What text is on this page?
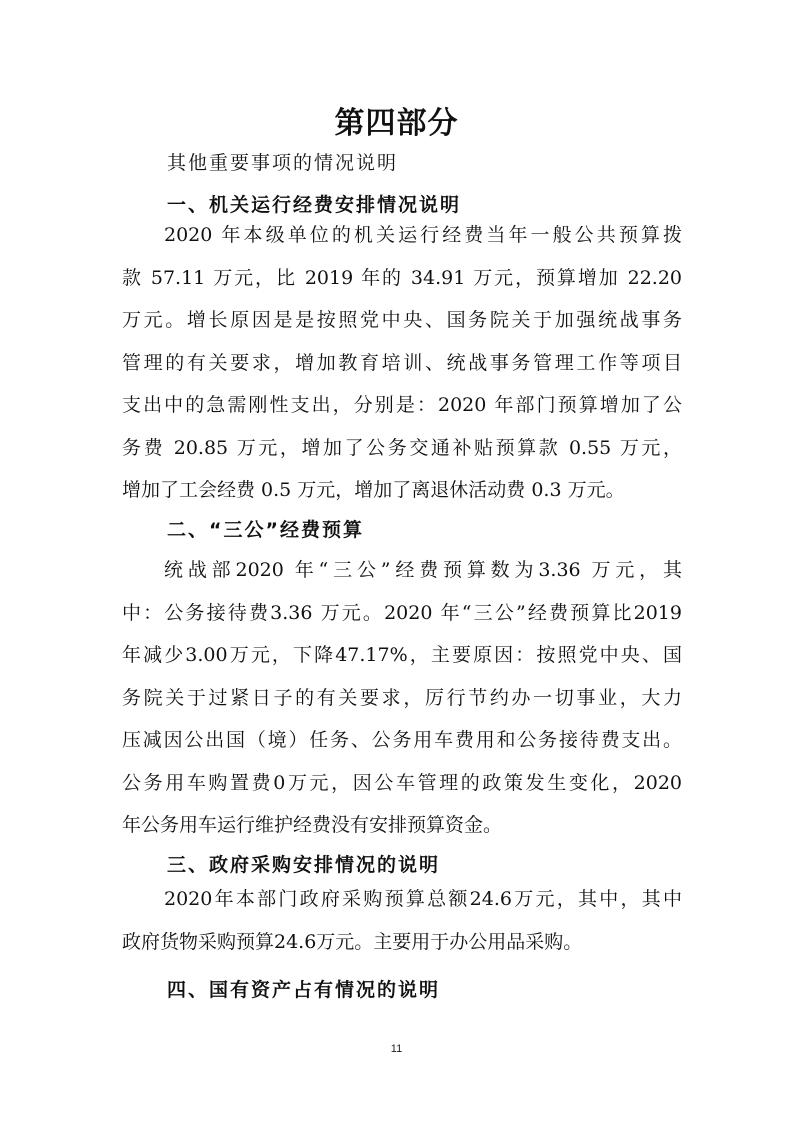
第四部分
其他重要事项的情况说明
一、机关运行经费安排情况说明
2020 年本级单位的机关运行经费当年一般公共预算拨
款 57.11 万元，比 2019 年的 34.91 万元，预算增加 22.20
万元。增长原因是是按照党中央、国务院关于加强统战事务
管理的有关要求，增加教育培训、统战事务管理工作等项目
支出中的急需刚性支出，分别是：2020 年部门预算增加了公
务费 20.85 万元，增加了公务交通补贴预算款 0.55 万元，
增加了工会经费 0.5 万元，增加了离退休活动费 0.3 万元。
二、“三公”经费预算
统战部2020 年“三公”经费预算数为3.36 万元，其
中：公务接待费3.36 万元。2020 年“三公”经费预算比2019
年减少3.00万元，下降47.17%，主要原因：按照党中央、国
务院关于过紧日子的有关要求，厉行节约办一切事业，大力
压减因公出国（境）任务、公务用车费用和公务接待费支出。
公务用车购置费0万元，因公车管理的政策发生变化，2020
年公务用车运行维护经费没有安排预算资金。
三、政府采购安排情况的说明
2020年本部门政府采购预算总额24.6万元，其中，其中
政府货物采购预算24.6万元。主要用于办公用品采购。
四、国有资产占有情况的说明
11
